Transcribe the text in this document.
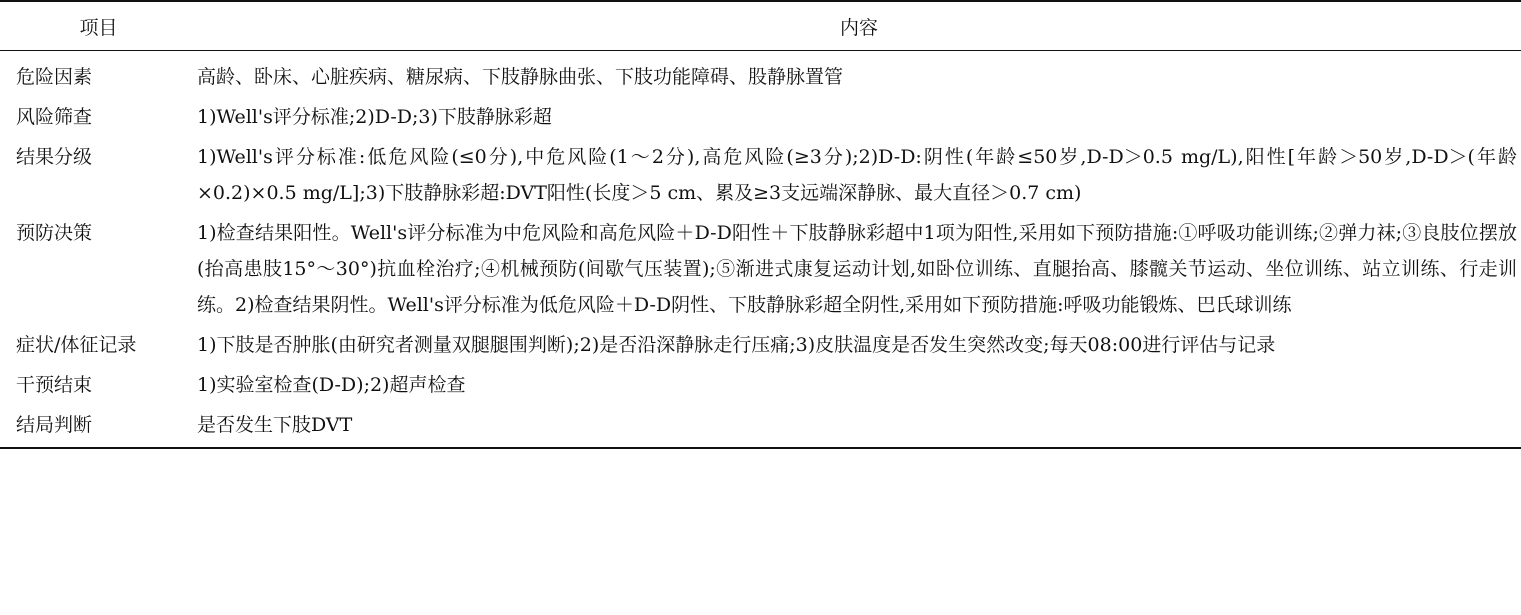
项目	内容
危险因素	高龄、卧床、心脏疾病、糖尿病、下肢静脉曲张、下肢功能障碍、股静脉置管
风险筛查	1)Well's评分标准;2)D-D;3)下肢静脉彩超
结果分级	1)Well's评分标准:低危风险(≤0分),中危风险(1～2分),高危风险(≥3分);2)D-D:阴性(年龄≤50岁,D-D＞0.5 mg/L),阳性[年龄＞50岁,D-D＞(年龄×0.2)×0.5 mg/L];3)下肢静脉彩超:DVT阳性(长度＞5 cm、累及≥3支远端深静脉、最大直径＞0.7 cm)
预防决策	1)检查结果阳性。Well's评分标准为中危风险和高危风险＋D-D阳性＋下肢静脉彩超中1项为阳性,采用如下预防措施:①呼吸功能训练;②弹力袜;③良肢位摆放(抬高患肢15°～30°)抗血栓治疗;④机械预防(间歇气压装置);⑤渐进式康复运动计划,如卧位训练、直腿抬高、膝髋关节运动、坐位训练、站立训练、行走训练。2)检查结果阴性。Well's评分标准为低危风险＋D-D阴性、下肢静脉彩超全阴性,采用如下预防措施:呼吸功能锻炼、巴氏球训练
症状/体征记录	1)下肢是否肿胀(由研究者测量双腿腿围判断);2)是否沿深静脉走行压痛;3)皮肤温度是否发生突然改变;每天08:00进行评估与记录
干预结束	1)实验室检查(D-D);2)超声检查
结局判断	是否发生下肢DVT
